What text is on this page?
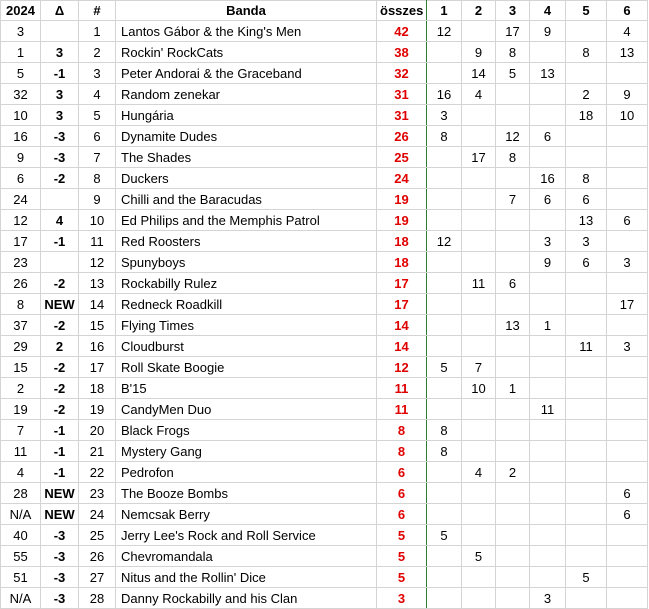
2024	Δ	#	Banda	összes	1	2	3	4	5	6
3		1	Lantos Gábor & the King's Men	42	12		17	9		4
1	3	2	Rockin' RockCats	38		9	8		8	13
5	-1	3	Peter Andorai & the Graceband	32		14	5	13		
32	3	4	Random zenekar	31	16	4			2	9
10	3	5	Hungária	31	3				18	10
16	-3	6	Dynamite Dudes	26	8		12	6		
9	-3	7	The Shades	25		17	8			
6	-2	8	Duckers	24				16	8	
24		9	Chilli and the Baracudas	19			7	6	6	
12	4	10	Ed Philips and the Memphis Patrol	19					13	6
17	-1	11	Red Roosters	18	12			3	3	
23		12	Spunyboys	18				9	6	3
26	-2	13	Rockabilly Rulez	17		11	6			
8	NEW	14	Redneck Roadkill	17						17
37	-2	15	Flying Times	14			13	1		
29	2	16	Cloudburst	14					11	3
15	-2	17	Roll Skate Boogie	12	5	7				
2	-2	18	B'15	11		10	1			
19	-2	19	CandyMen Duo	11				11		
7	-1	20	Black Frogs	8	8					
11	-1	21	Mystery Gang	8	8					
4	-1	22	Pedrofon	6		4	2			
28	NEW	23	The Booze Bombs	6						6
N/A	NEW	24	Nemcsak Berry	6						6
40	-3	25	Jerry Lee's Rock and Roll Service	5	5					
55	-3	26	Chevromandala	5		5				
51	-3	27	Nitus and the Rollin' Dice	5					5	
N/A	-3	28	Danny Rockabilly and his Clan	3				3		
